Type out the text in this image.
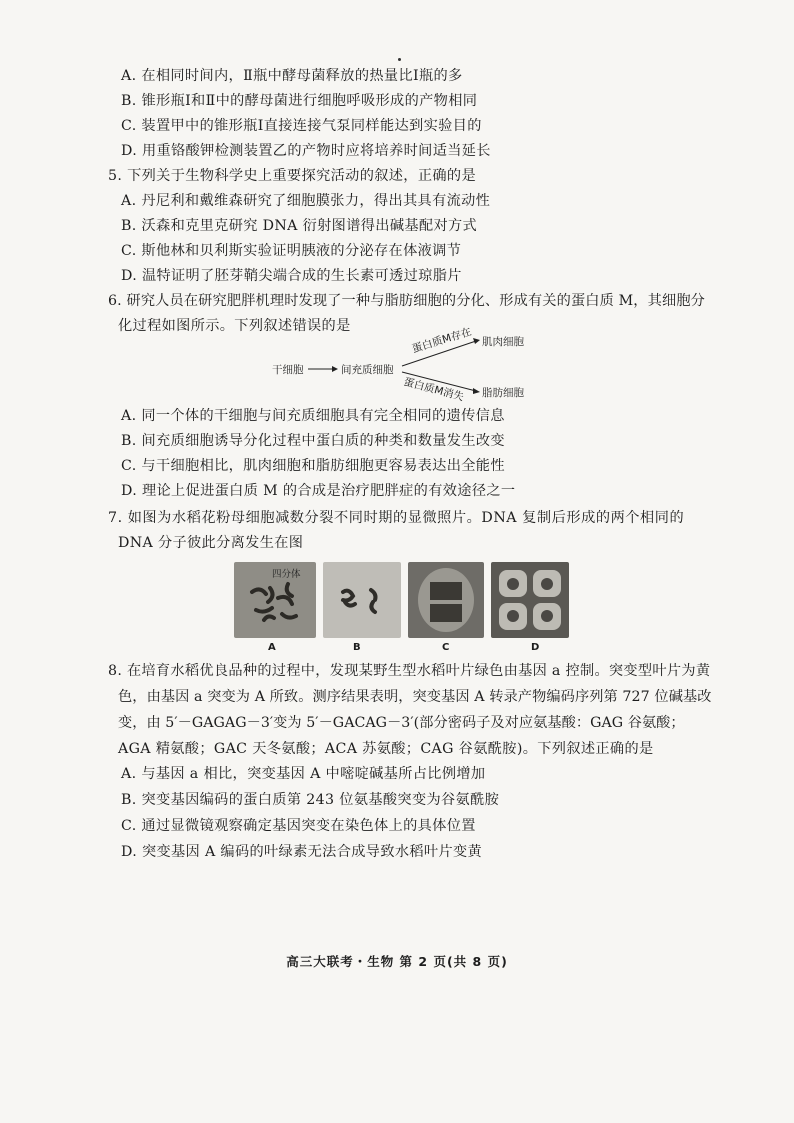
A. 在相同时间内，Ⅱ瓶中酵母菌释放的热量比Ⅰ瓶的多
B. 锥形瓶Ⅰ和Ⅱ中的酵母菌进行细胞呼吸形成的产物相同
C. 装置甲中的锥形瓶Ⅰ直接连接气泵同样能达到实验目的
D. 用重铬酸钾检测装置乙的产物时应将培养时间适当延长
5. 下列关于生物科学史上重要探究活动的叙述，正确的是
A. 丹尼利和戴维森研究了细胞膜张力，得出其具有流动性
B. 沃森和克里克研究 DNA 衍射图谱得出碱基配对方式
C. 斯他林和贝利斯实验证明胰液的分泌存在体液调节
D. 温特证明了胚芽鞘尖端合成的生长素可透过琼脂片
6. 研究人员在研究肥胖机理时发现了一种与脂肪细胞的分化、形成有关的蛋白质 M，其细胞分
化过程如图所示。下列叙述错误的是
干细胞	间充质细胞
蛋白质M存在
蛋白质M消失
肌肉细胞
脂肪细胞
A. 同一个体的干细胞与间充质细胞具有完全相同的遗传信息
B. 间充质细胞诱导分化过程中蛋白质的种类和数量发生改变
C. 与干细胞相比，肌肉细胞和脂肪细胞更容易表达出全能性
D. 理论上促进蛋白质 M 的合成是治疗肥胖症的有效途径之一
7. 如图为水稻花粉母细胞减数分裂不同时期的显微照片。DNA 复制后形成的两个相同的
DNA 分子彼此分离发生在图
四分体
A	B	C	D
8. 在培育水稻优良品种的过程中，发现某野生型水稻叶片绿色由基因 a 控制。突变型叶片为黄
色，由基因 a 突变为 A 所致。测序结果表明，突变基因 A 转录产物编码序列第 727 位碱基改
变，由 5′－GAGAG－3′变为 5′－GACAG－3′(部分密码子及对应氨基酸：GAG 谷氨酸；
AGA 精氨酸；GAC 天冬氨酸；ACA 苏氨酸；CAG 谷氨酰胺)。下列叙述正确的是
A. 与基因 a 相比，突变基因 A 中嘧啶碱基所占比例增加
B. 突变基因编码的蛋白质第 243 位氨基酸突变为谷氨酰胺
C. 通过显微镜观察确定基因突变在染色体上的具体位置
D. 突变基因 A 编码的叶绿素无法合成导致水稻叶片变黄
高三大联考・生物 第 2 页(共 8 页)
